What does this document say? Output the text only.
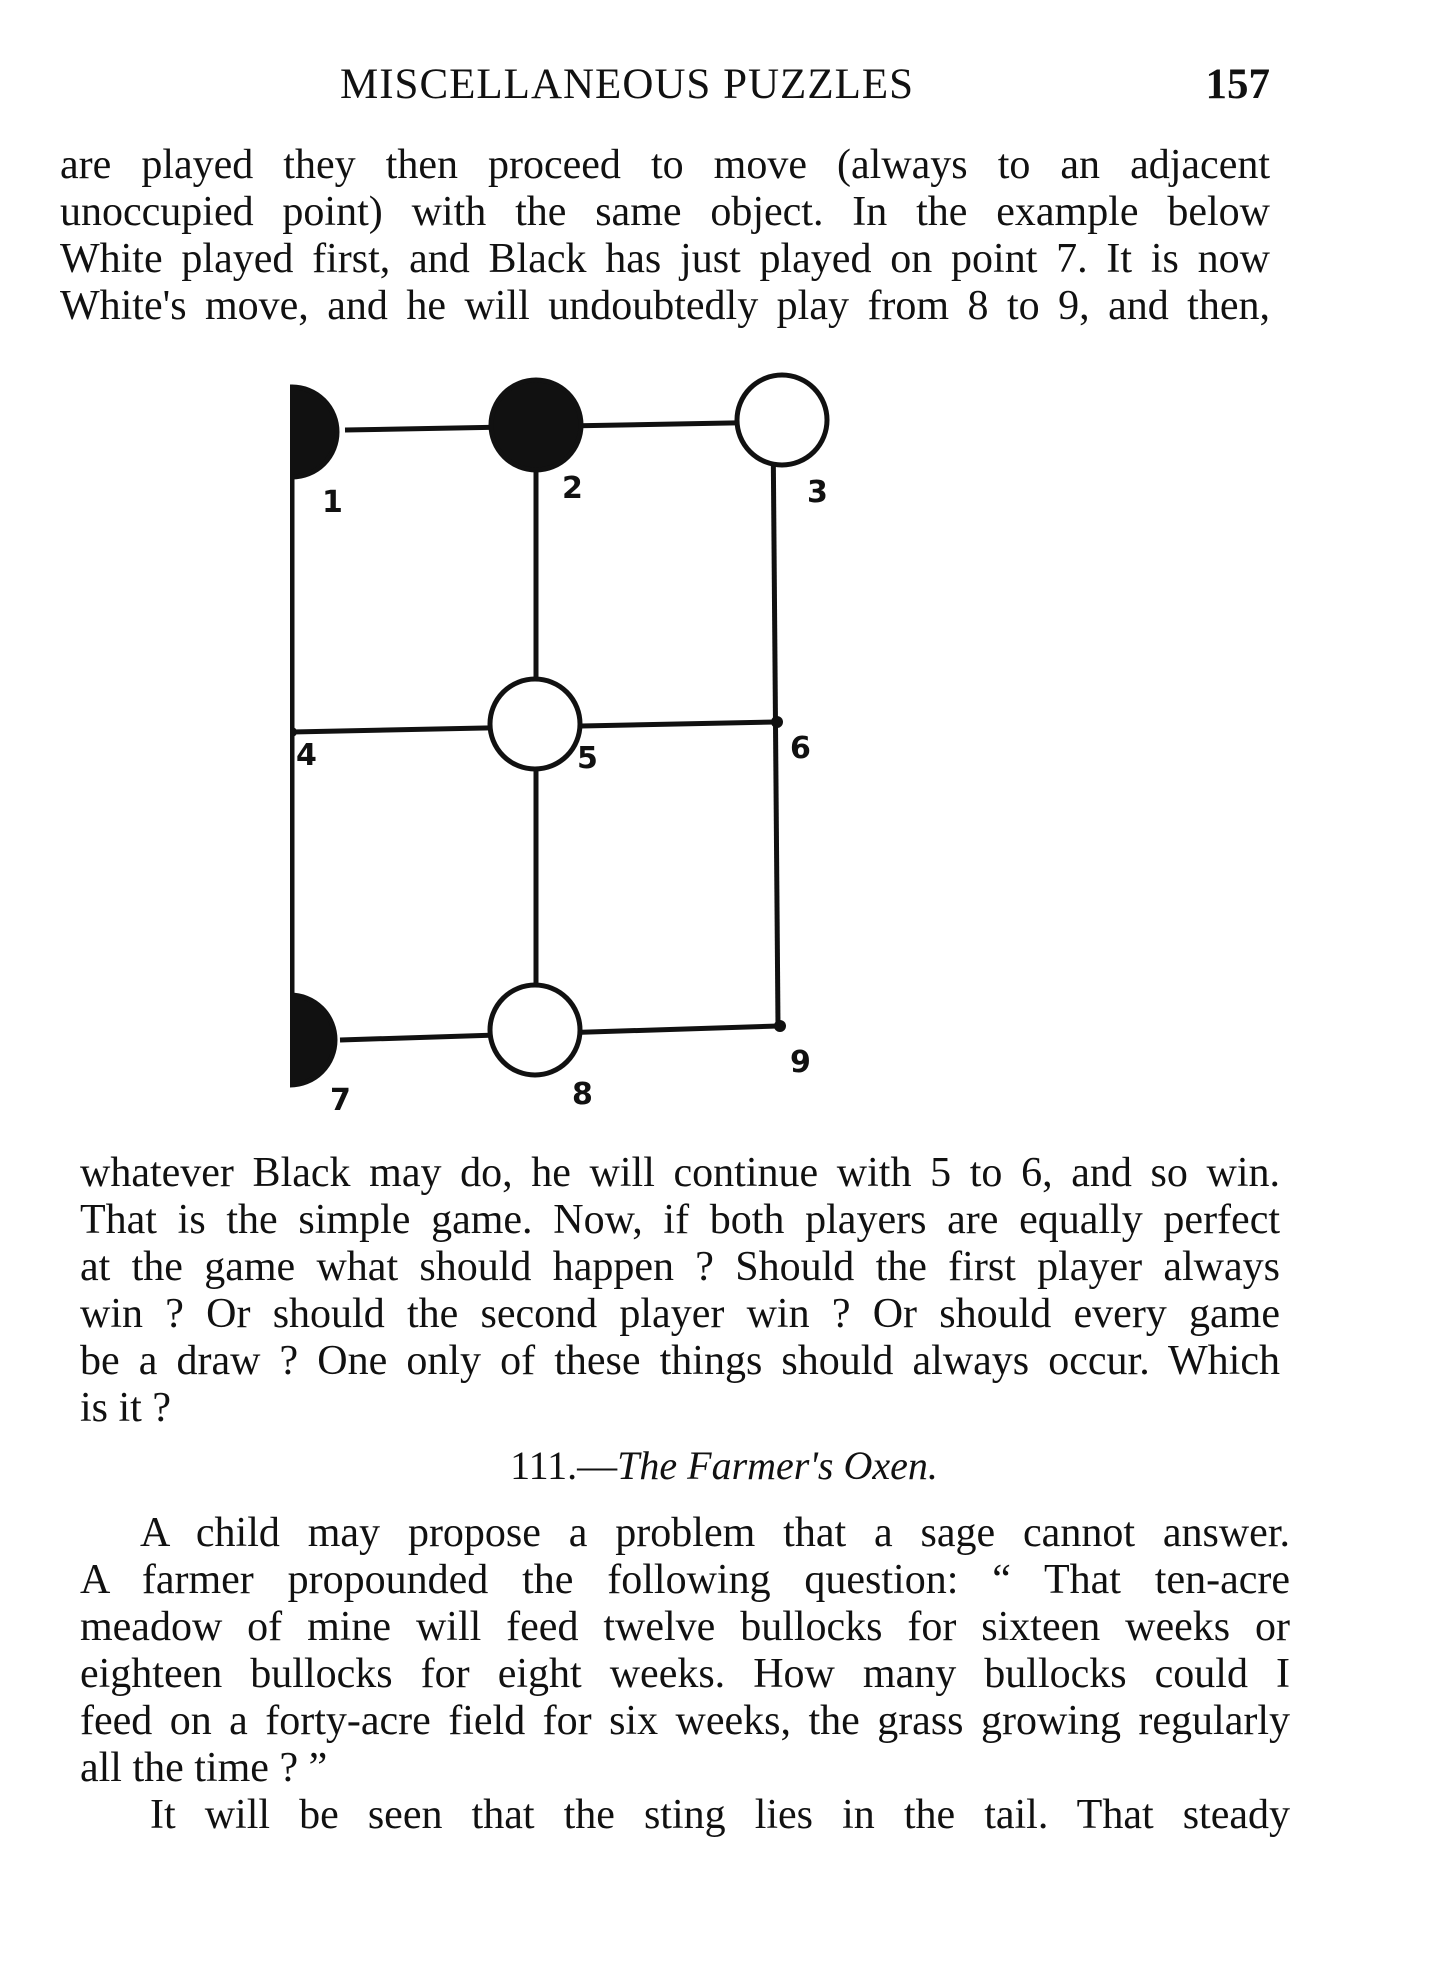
MISCELLANEOUS PUZZLES	157
are played they then proceed to move (always to an adjacent
unoccupied point) with the same object. In the example below
White played first, and Black has just played on point 7. It is now
White's move, and he will undoubtedly play from 8 to 9, and then,
1	2	3
4	5	6
7	8
9
whatever Black may do, he will continue with 5 to 6, and so win.
That is the simple game. Now, if both players are equally perfect
at the game what should happen ? Should the first player always
win ? Or should the second player win ? Or should every game
be a draw ? One only of these things should always occur. Which
is it ?
111.—The Farmer's Oxen.
A child may propose a problem that a sage cannot answer.
A farmer propounded the following question: “ That ten-acre
meadow of mine will feed twelve bullocks for sixteen weeks or
eighteen bullocks for eight weeks. How many bullocks could I
feed on a forty-acre field for six weeks, the grass growing regularly
all the time ? ”
It will be seen that the sting lies in the tail. That steady
